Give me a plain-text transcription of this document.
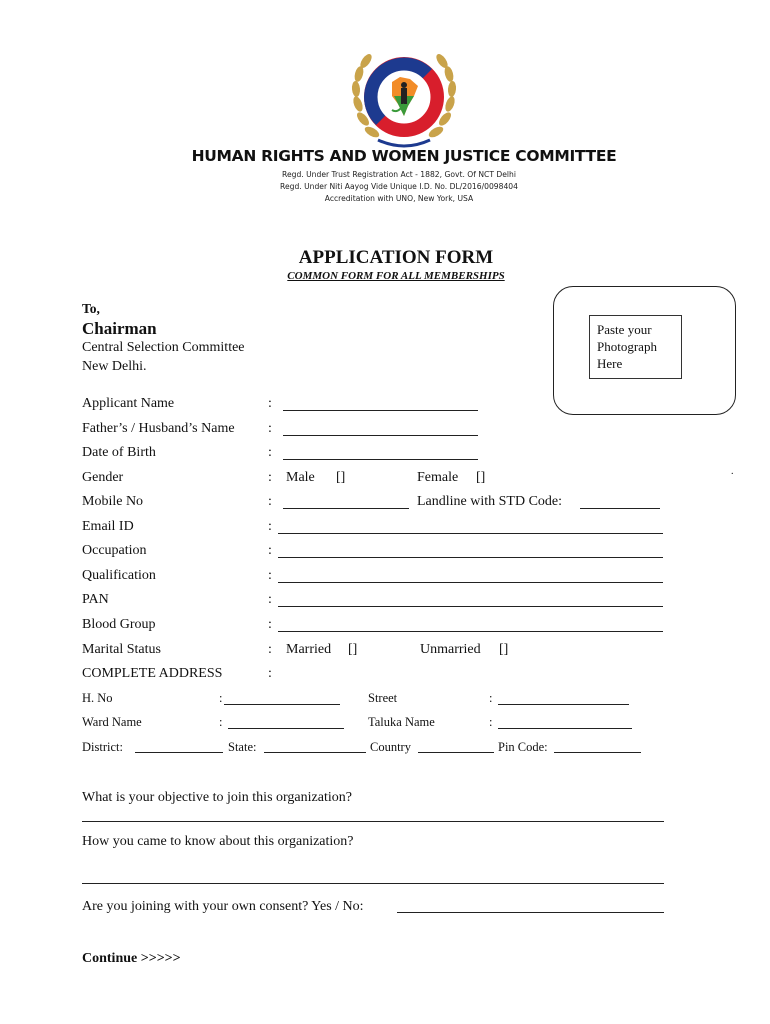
HUMAN RIGHTS AND WOMEN JUSTICE COMMITTEE
Regd. Under Trust Registration Act - 1882, Govt. Of NCT Delhi
Regd. Under Niti Aayog Vide Unique I.D. No. DL/2016/0098404
Accreditation with UNO, New York, USA
APPLICATION FORM
COMMON FORM FOR ALL MEMBERSHIPS
To,
Chairman
Central Selection Committee
New Delhi.
Paste your
Photograph
Here
Applicant Name	:
Father’s / Husband’s Name :
Date of Birth	:
Gender	: Male []	Female []	.
Mobile No	:	Landline with STD Code:
Email ID	:
Occupation	:
Qualification	:
PAN	:
Blood Group	:
Marital Status	: Married []	Unmarried []
COMPLETE ADDRESS	:
H. No	:	Street	:
Ward Name	:	Taluka Name	:
District:	State:	Country	Pin Code:
What is your objective to join this organization?
How you came to know about this organization?
Are you joining with your own consent? Yes / No:
Continue >>>>>
